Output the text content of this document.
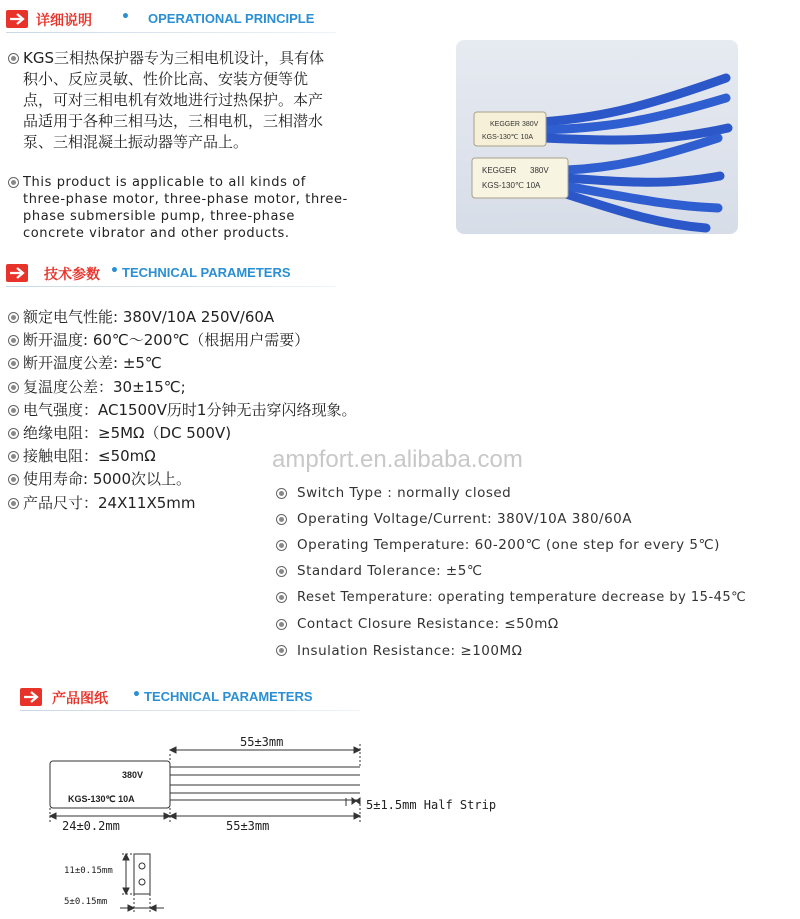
详细说明 • OPERATIONAL PRINCIPLE
KGS三相热保护器专为三相电机设计，具有体
积小、反应灵敏、性价比高、安装方便等优
点，可对三相电机有效地进行过热保护。本产
品适用于各种三相马达，三相电机，三相潜水
泵、三相混凝土振动器等产品上。
This product is applicable to all kinds of
three-phase motor, three-phase motor, three-
phase submersible pump, three-phase
concrete vibrator and other products.
KEGGER 380V
KGS-130℃ 10A
KEGGER 380V
KGS-130℃ 10A
技术参数 • TECHNICAL PARAMETERS
额定电气性能: 380V/10A 250V/60A
断开温度: 60℃～200℃（根据用户需要）
断开温度公差: ±5℃
复温度公差：30±15℃;
电气强度：AC1500V历时1分钟无击穿闪络现象。
绝缘电阻：≥5MΩ（DC 500V)
接触电阻：≤50mΩ
使用寿命: 5000次以上。
产品尺寸：24X11X5mm
ampfort.en.alibaba.com
Switch Type : normally closed
Operating Voltage/Current: 380V/10A 380/60A
Operating Temperature: 60-200℃ (one step for every 5℃)
Standard Tolerance: ±5℃
Reset Temperature: operating temperature decrease by 15-45℃
Contact Closure Resistance: ≤50mΩ
Insulation Resistance: ≥100MΩ
产品图纸 • TECHNICAL PARAMETERS
380V
KGS-130℃ 10A
55±3mm
24±0.2mm	55±3mm
5±1.5mm Half Strip
11±0.15mm
5±0.15mm
